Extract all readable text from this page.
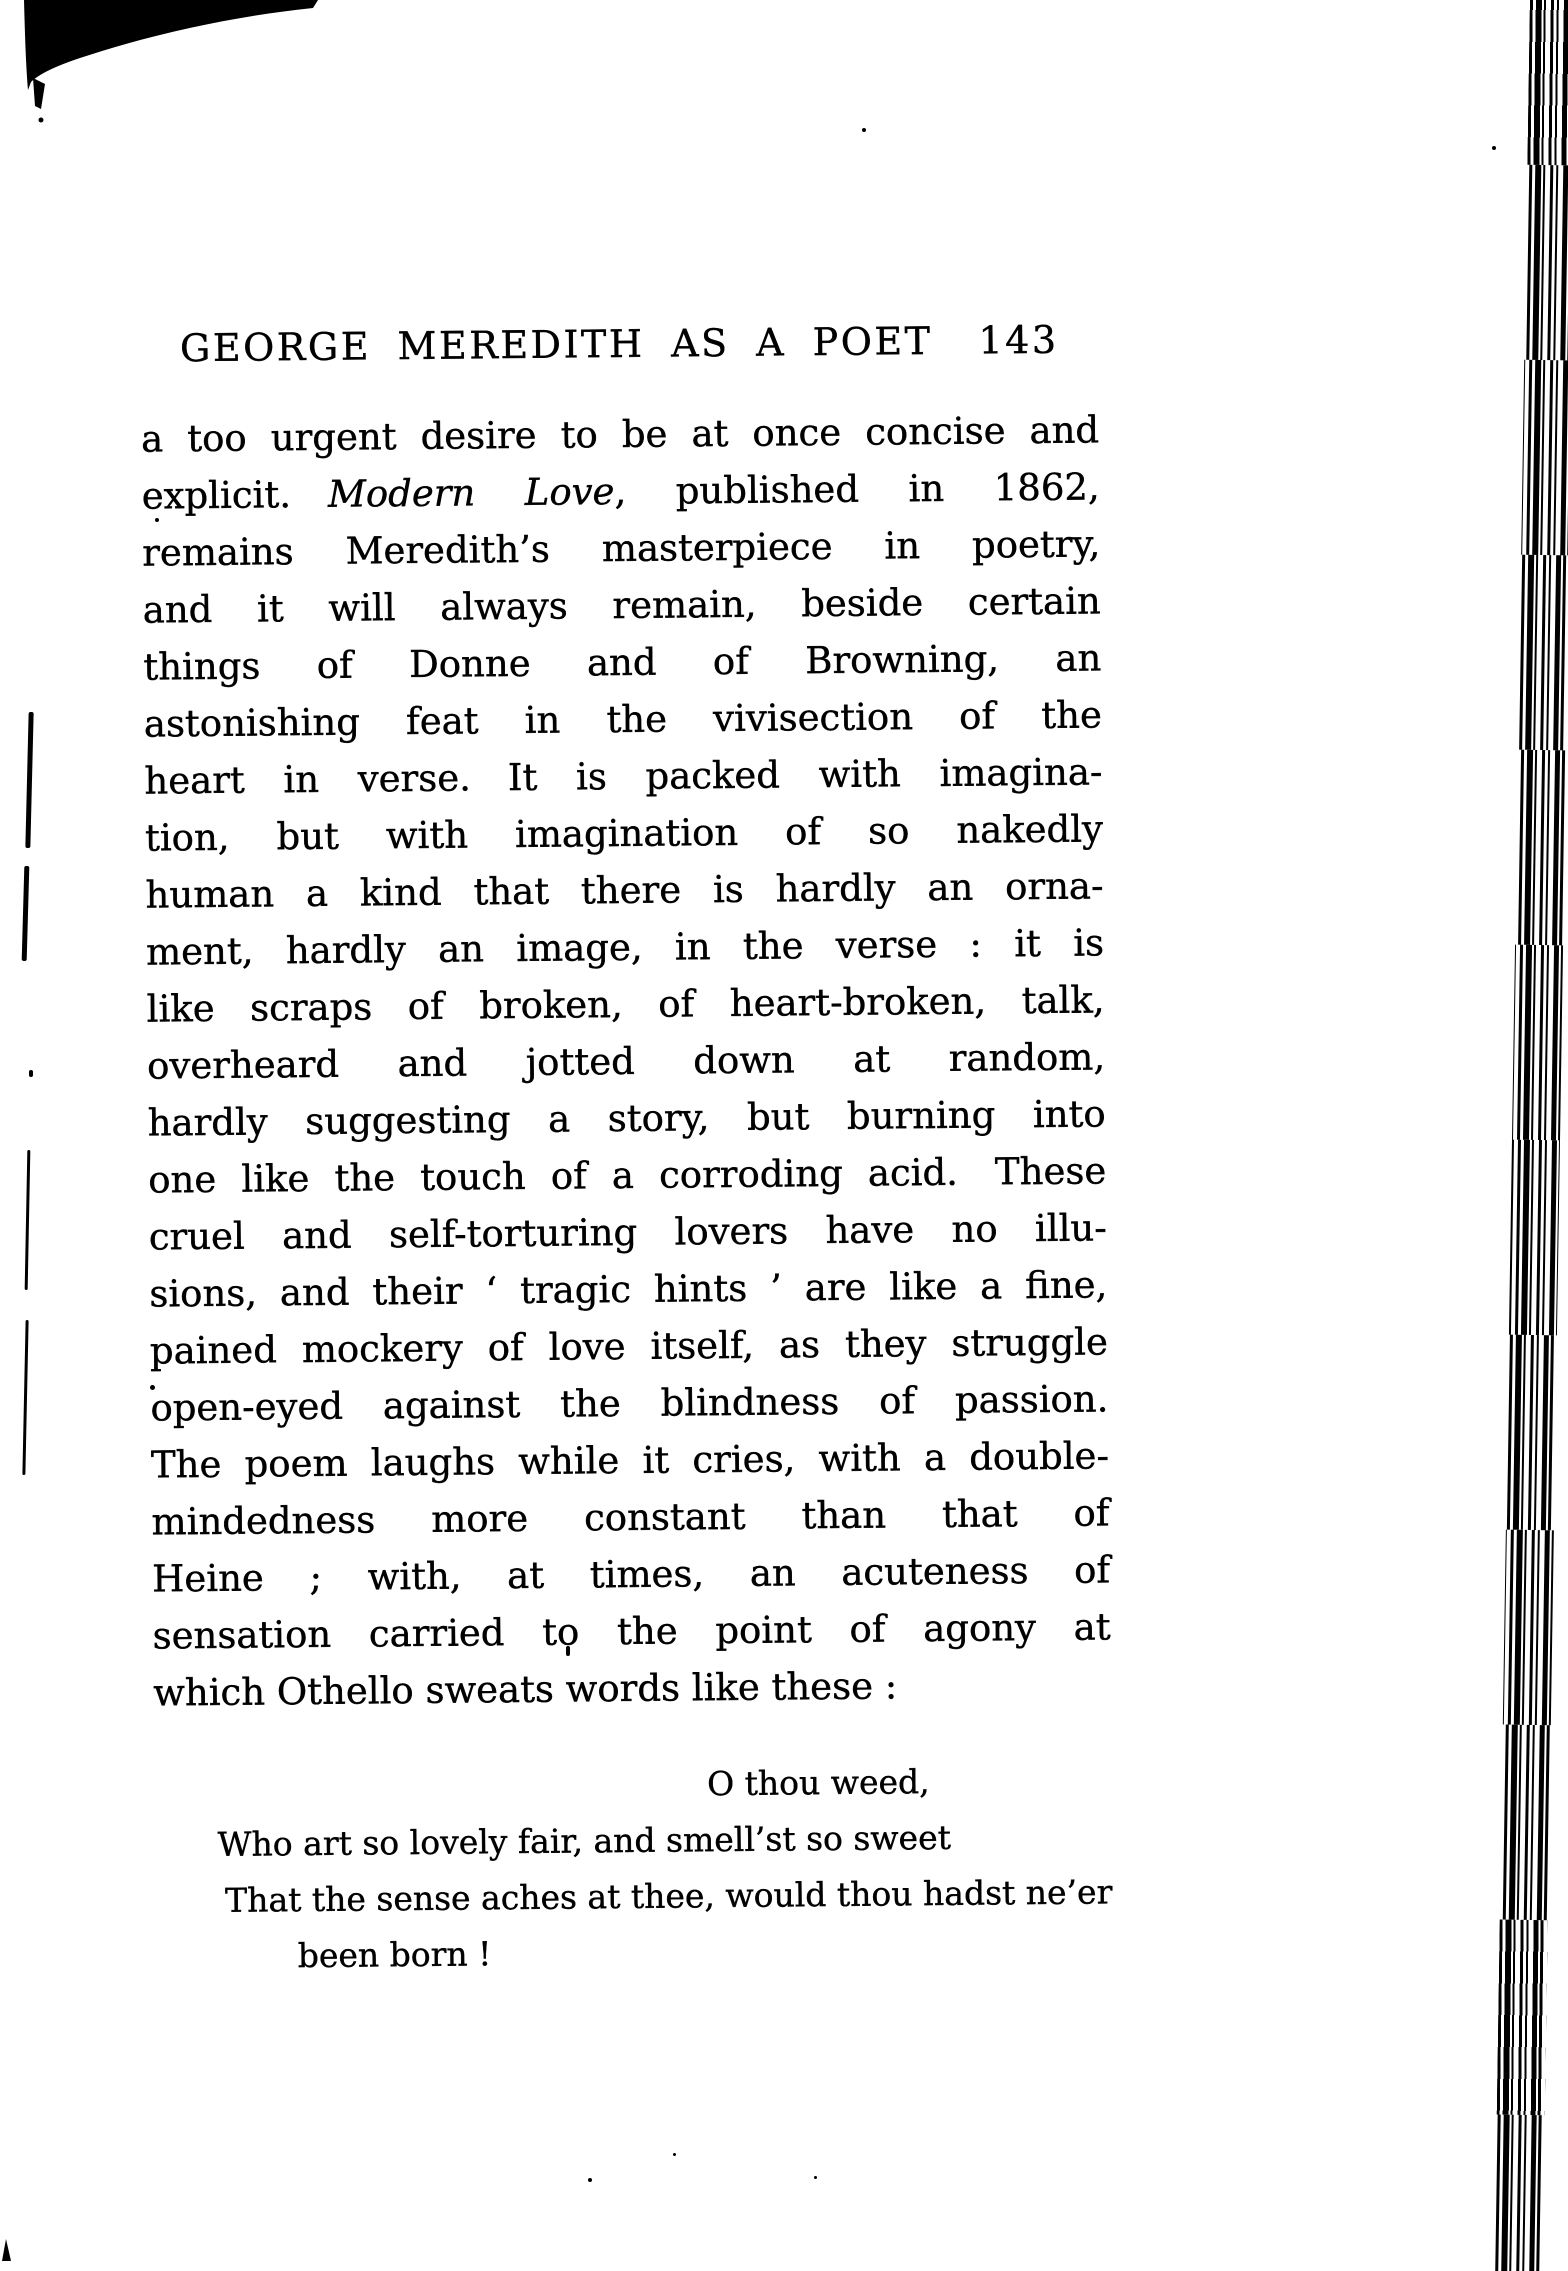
GEORGE MEREDITH AS A POET 143
a too urgent desire to be at once concise and
explicit. Modern Love, published in 1862,
remains Meredith’s masterpiece in poetry,
and it will always remain, beside certain
things of Donne and of Browning, an
astonishing feat in the vivisection of the
heart in verse. It is packed with imagina-
tion, but with imagination of so nakedly
human a kind that there is hardly an orna-
ment, hardly an image, in the verse : it is
like scraps of broken, of heart-broken, talk,
overheard and jotted down at random,
hardly suggesting a story, but burning into
one like the touch of a corroding acid. These
cruel and self-torturing lovers have no illu-
sions, and their ‘ tragic hints ’ are like a fine,
pained mockery of love itself, as they struggle
open-eyed against the blindness of passion.
The poem laughs while it cries, with a double-
mindedness more constant than that of
Heine ; with, at times, an acuteness of
sensation carried to the point of agony at
which Othello sweats words like these :
O thou weed,
Who art so lovely fair, and smell’st so sweet
That the sense aches at thee, would thou hadst ne’er
been born !
